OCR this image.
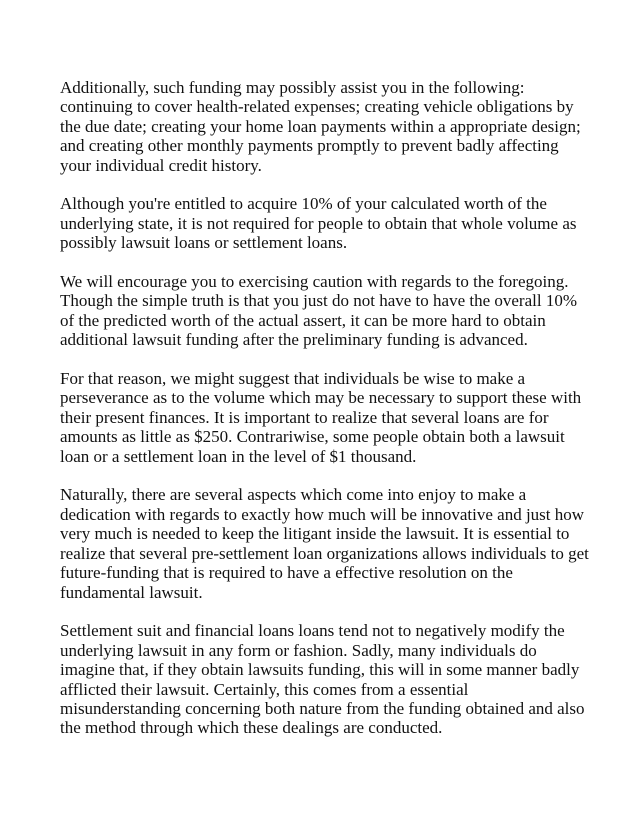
Additionally, such funding may possibly assist you in the following:
continuing to cover health-related expenses; creating vehicle obligations by
the due date; creating your home loan payments within a appropriate design;
and creating other monthly payments promptly to prevent badly affecting
your individual credit history.

Although you're entitled to acquire 10% of your calculated worth of the
underlying state, it is not required for people to obtain that whole volume as
possibly lawsuit loans or settlement loans.

We will encourage you to exercising caution with regards to the foregoing.
Though the simple truth is that you just do not have to have the overall 10%
of the predicted worth of the actual assert, it can be more hard to obtain
additional lawsuit funding after the preliminary funding is advanced.

For that reason, we might suggest that individuals be wise to make a
perseverance as to the volume which may be necessary to support these with
their present finances. It is important to realize that several loans are for
amounts as little as $250. Contrariwise, some people obtain both a lawsuit
loan or a settlement loan in the level of $1 thousand.

Naturally, there are several aspects which come into enjoy to make a
dedication with regards to exactly how much will be innovative and just how
very much is needed to keep the litigant inside the lawsuit. It is essential to
realize that several pre-settlement loan organizations allows individuals to get
future-funding that is required to have a effective resolution on the
fundamental lawsuit.

Settlement suit and financial loans loans tend not to negatively modify the
underlying lawsuit in any form or fashion. Sadly, many individuals do
imagine that, if they obtain lawsuits funding, this will in some manner badly
afflicted their lawsuit. Certainly, this comes from a essential
misunderstanding concerning both nature from the funding obtained and also
the method through which these dealings are conducted.
